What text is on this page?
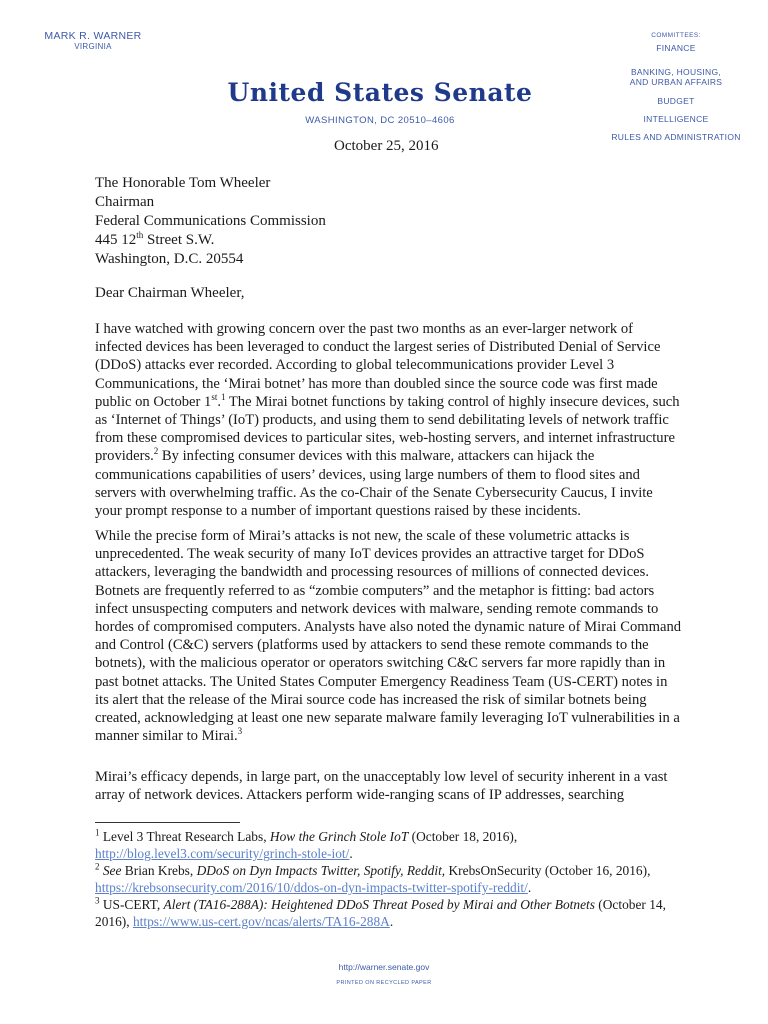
MARK R. WARNER
VIRGINIA
United States Senate
WASHINGTON, DC 20510–4606
COMMITTEES:
FINANCE
BANKING, HOUSING, AND URBAN AFFAIRS
BUDGET
INTELLIGENCE
RULES AND ADMINISTRATION
October 25, 2016
The Honorable Tom Wheeler
Chairman
Federal Communications Commission
445 12th Street S.W.
Washington, D.C. 20554
Dear Chairman Wheeler,
I have watched with growing concern over the past two months as an ever-larger network of infected devices has been leveraged to conduct the largest series of Distributed Denial of Service (DDoS) attacks ever recorded. According to global telecommunications provider Level 3 Communications, the ‘Mirai botnet’ has more than doubled since the source code was first made public on October 1st.$^1$ The Mirai botnet functions by taking control of highly insecure devices, such as ‘Internet of Things’ (IoT) products, and using them to send debilitating levels of network traffic from these compromised devices to particular sites, web-hosting servers, and internet infrastructure providers.$^2$ By infecting consumer devices with this malware, attackers can hijack the communications capabilities of users’ devices, using large numbers of them to flood sites and servers with overwhelming traffic. As the co-Chair of the Senate Cybersecurity Caucus, I invite your prompt response to a number of important questions raised by these incidents.
While the precise form of Mirai’s attacks is not new, the scale of these volumetric attacks is unprecedented. The weak security of many IoT devices provides an attractive target for DDoS attackers, leveraging the bandwidth and processing resources of millions of connected devices. Botnets are frequently referred to as “zombie computers” and the metaphor is fitting: bad actors infect unsuspecting computers and network devices with malware, sending remote commands to hordes of compromised computers. Analysts have also noted the dynamic nature of Mirai Command and Control (C&C) servers (platforms used by attackers to send these remote commands to the botnets), with the malicious operator or operators switching C&C servers far more rapidly than in past botnet attacks. The United States Computer Emergency Readiness Team (US-CERT) notes in its alert that the release of the Mirai source code has increased the risk of similar botnets being created, acknowledging at least one new separate malware family leveraging IoT vulnerabilities in a manner similar to Mirai.$^3$
Mirai’s efficacy depends, in large part, on the unacceptably low level of security inherent in a vast array of network devices. Attackers perform wide-ranging scans of IP addresses, searching
$^1$ Level 3 Threat Research Labs, How the Grinch Stole IoT (October 18, 2016), http://blog.level3.com/security/grinch-stole-iot/.
$^2$ See Brian Krebs, DDoS on Dyn Impacts Twitter, Spotify, Reddit, KrebsOnSecurity (October 16, 2016), https://krebsonsecurity.com/2016/10/ddos-on-dyn-impacts-twitter-spotify-reddit/.
$^3$ US-CERT, Alert (TA16-288A): Heightened DDoS Threat Posed by Mirai and Other Botnets (October 14, 2016), https://www.us-cert.gov/ncas/alerts/TA16-288A.
http://warner.senate.gov
PRINTED ON RECYCLED PAPER
